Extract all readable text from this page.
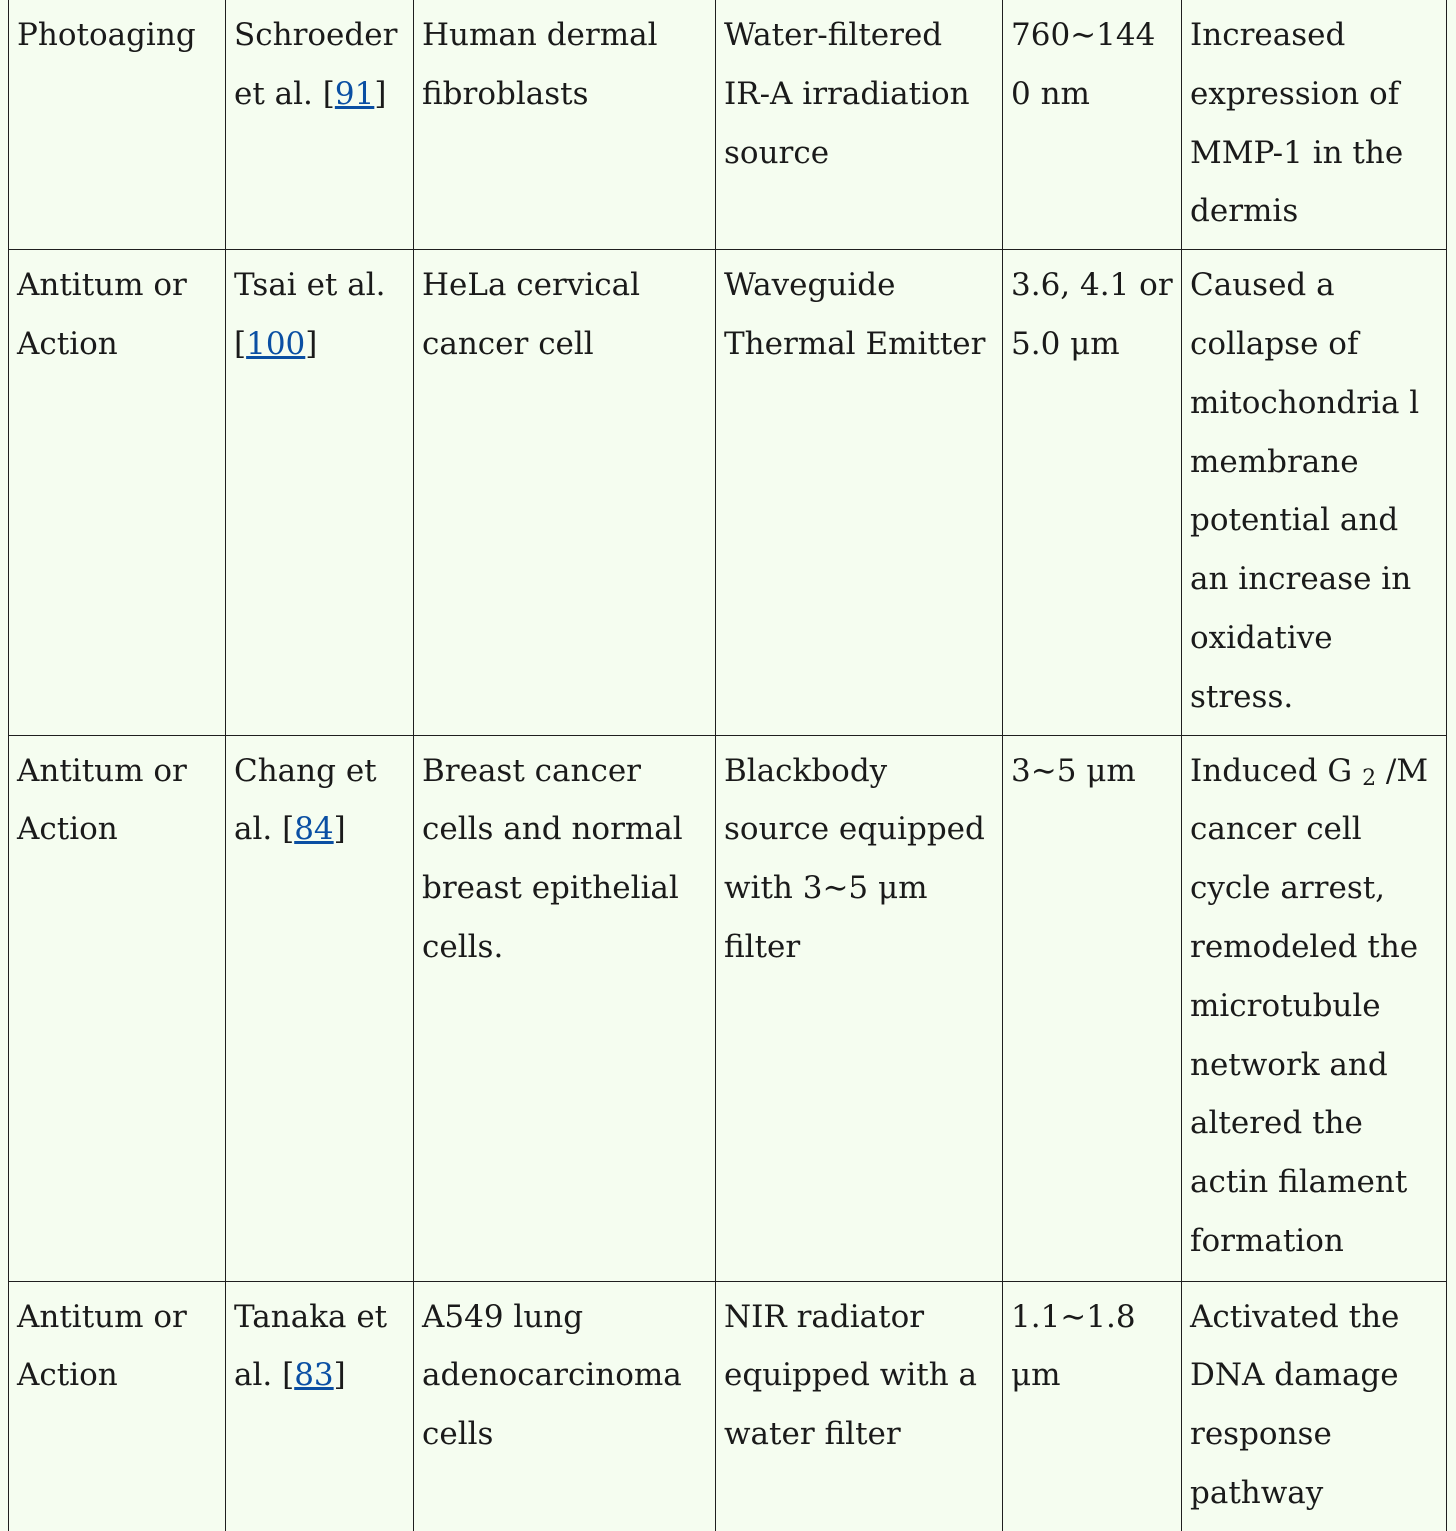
Photoaging	Schroeder et al. [91]	Human dermal fibroblasts	Water-filtered IR-A irradiation source	760∼1440 nm	Increased expression of MMP-1 in the dermis
Antitum or Action	Tsai et al. [100]	HeLa cervical cancer cell	Waveguide Thermal Emitter	3.6, 4.1 or 5.0 μm	Caused a collapse of mitochondria l membrane potential and an increase in oxidative stress.
Antitum or Action	Chang et al. [84]	Breast cancer cells and normal breast epithelial cells.	Blackbody source equipped with 3∼5 μm filter	3∼5 μm	Induced G $_2$ /M cancer cell cycle arrest, remodeled the microtubule network and altered the actin filament formation
Antitum or Action	Tanaka et al. [83]	A549 lung adenocarcinoma cells	NIR radiator equipped with a water filter	1.1∼1.8 μm	Activated the DNA damage response pathway
